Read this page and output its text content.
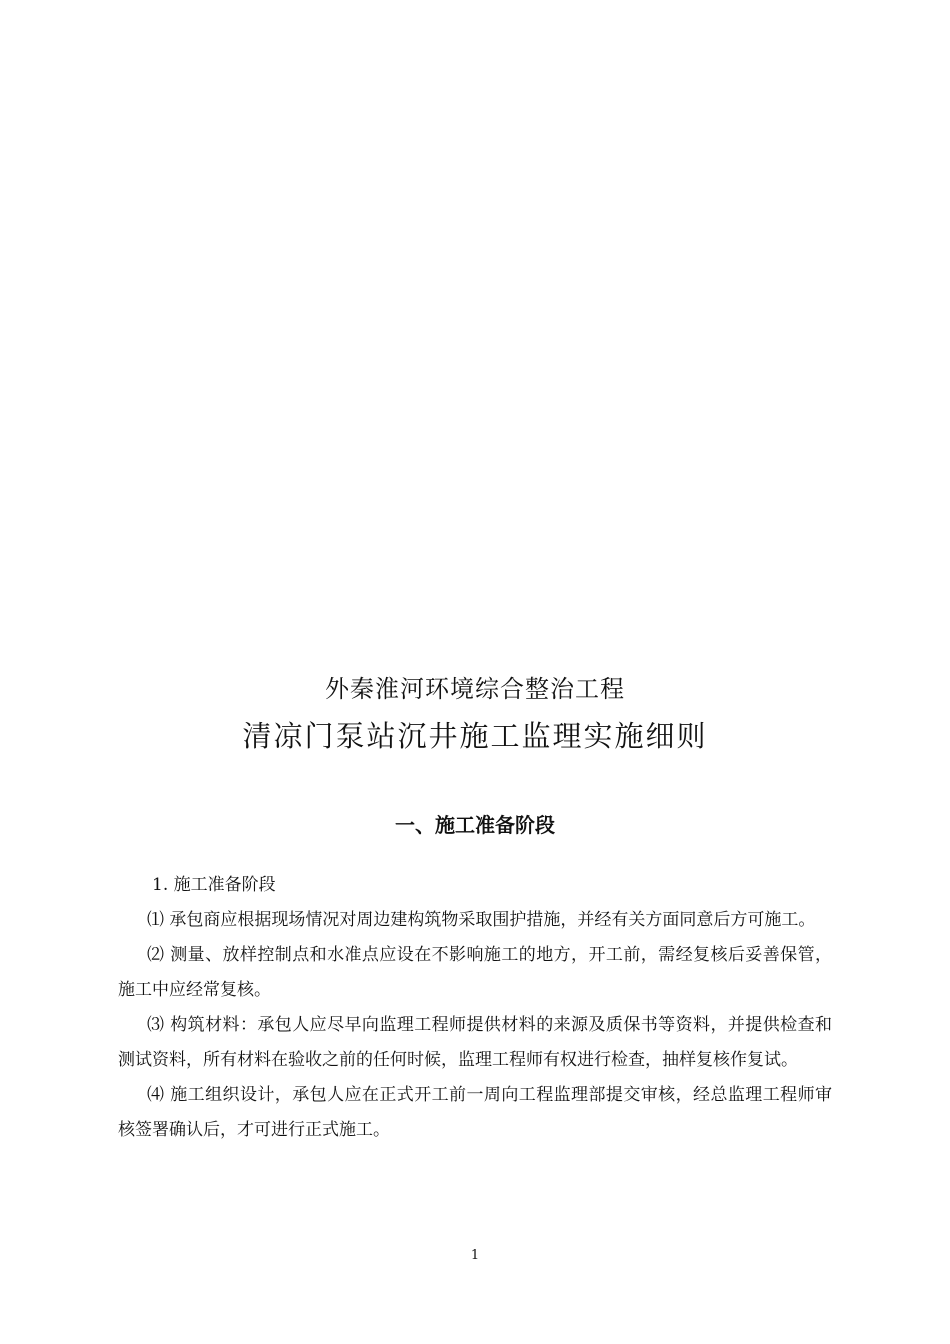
外秦淮河环境综合整治工程
清凉门泵站沉井施工监理实施细则
一、施工准备阶段

1. 施工准备阶段

⑴ 承包商应根据现场情况对周边建构筑物采取围护措施，并经有关方面同意后方可施工。

⑵ 测量、放样控制点和水准点应设在不影响施工的地方，开工前，需经复核后妥善保管，施工中应经常复核。

⑶ 构筑材料：承包人应尽早向监理工程师提供材料的来源及质保书等资料，并提供检查和测试资料，所有材料在验收之前的任何时候，监理工程师有权进行检查，抽样复核作复试。

⑷ 施工组织设计，承包人应在正式开工前一周向工程监理部提交审核，经总监理工程师审核签署确认后，才可进行正式施工。

1
